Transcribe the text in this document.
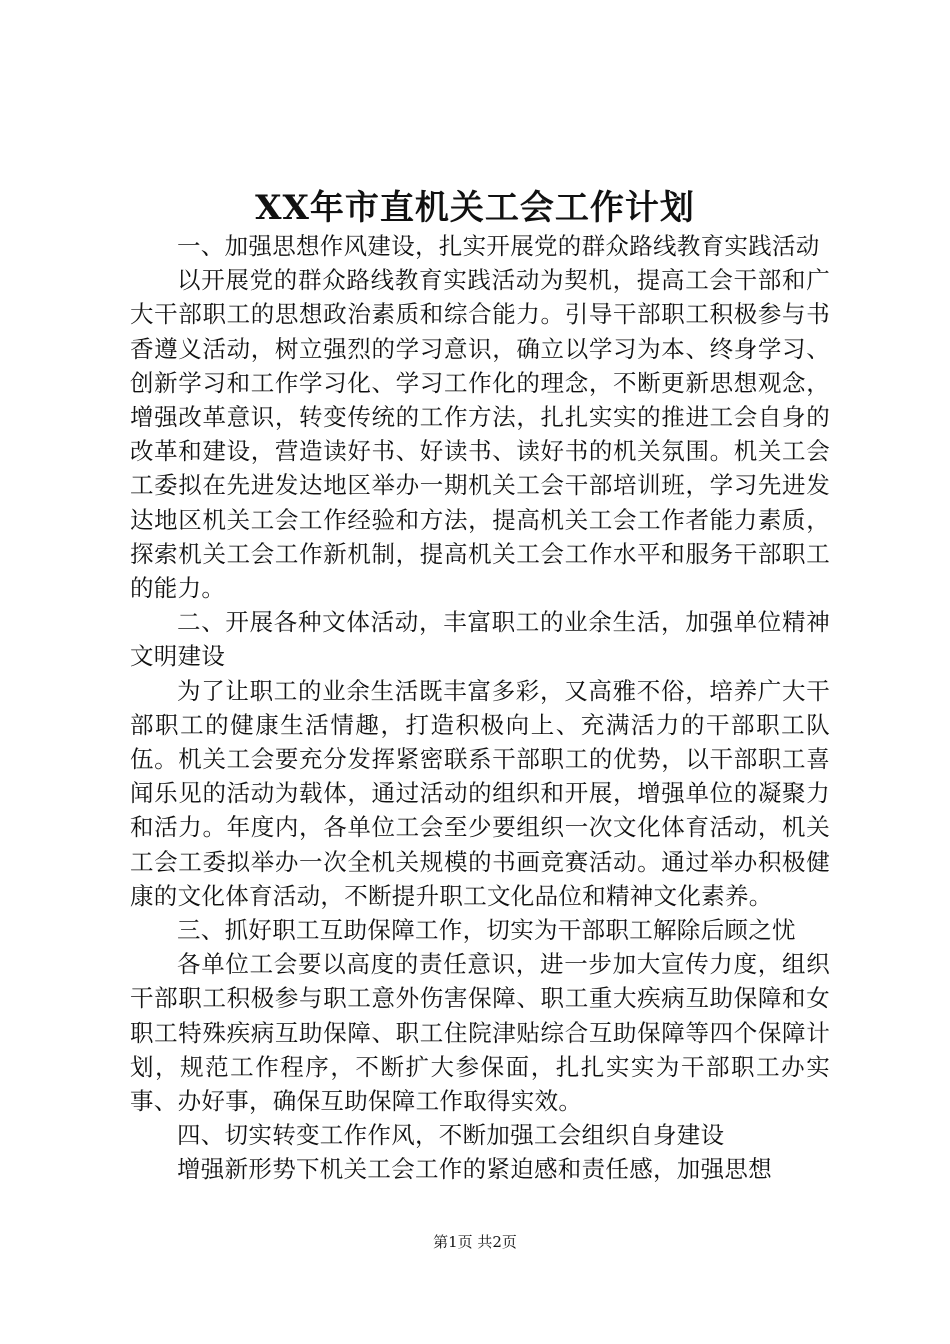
XX年市直机关工会工作计划

一、加强思想作风建设，扎实开展党的群众路线教育实践活动

以开展党的群众路线教育实践活动为契机，提高工会干部和广大干部职工的思想政治素质和综合能力。引导干部职工积极参与书香遵义活动，树立强烈的学习意识，确立以学习为本、终身学习、创新学习和工作学习化、学习工作化的理念，不断更新思想观念，增强改革意识，转变传统的工作方法，扎扎实实的推进工会自身的改革和建设，营造读好书、好读书、读好书的机关氛围。机关工会工委拟在先进发达地区举办一期机关工会干部培训班，学习先进发达地区机关工会工作经验和方法，提高机关工会工作者能力素质，探索机关工会工作新机制，提高机关工会工作水平和服务干部职工的能力。

二、开展各种文体活动，丰富职工的业余生活，加强单位精神文明建设

为了让职工的业余生活既丰富多彩，又高雅不俗，培养广大干部职工的健康生活情趣，打造积极向上、充满活力的干部职工队伍。机关工会要充分发挥紧密联系干部职工的优势，以干部职工喜闻乐见的活动为载体，通过活动的组织和开展，增强单位的凝聚力和活力。年度内，各单位工会至少要组织一次文化体育活动，机关工会工委拟举办一次全机关规模的书画竞赛活动。通过举办积极健康的文化体育活动，不断提升职工文化品位和精神文化素养。

三、抓好职工互助保障工作，切实为干部职工解除后顾之忧

各单位工会要以高度的责任意识，进一步加大宣传力度，组织干部职工积极参与职工意外伤害保障、职工重大疾病互助保障和女职工特殊疾病互助保障、职工住院津贴综合互助保障等四个保障计划，规范工作程序，不断扩大参保面，扎扎实实为干部职工办实事、办好事，确保互助保障工作取得实效。

四、切实转变工作作风，不断加强工会组织自身建设

增强新形势下机关工会工作的紧迫感和责任感，加强思想

第1页 共2页
